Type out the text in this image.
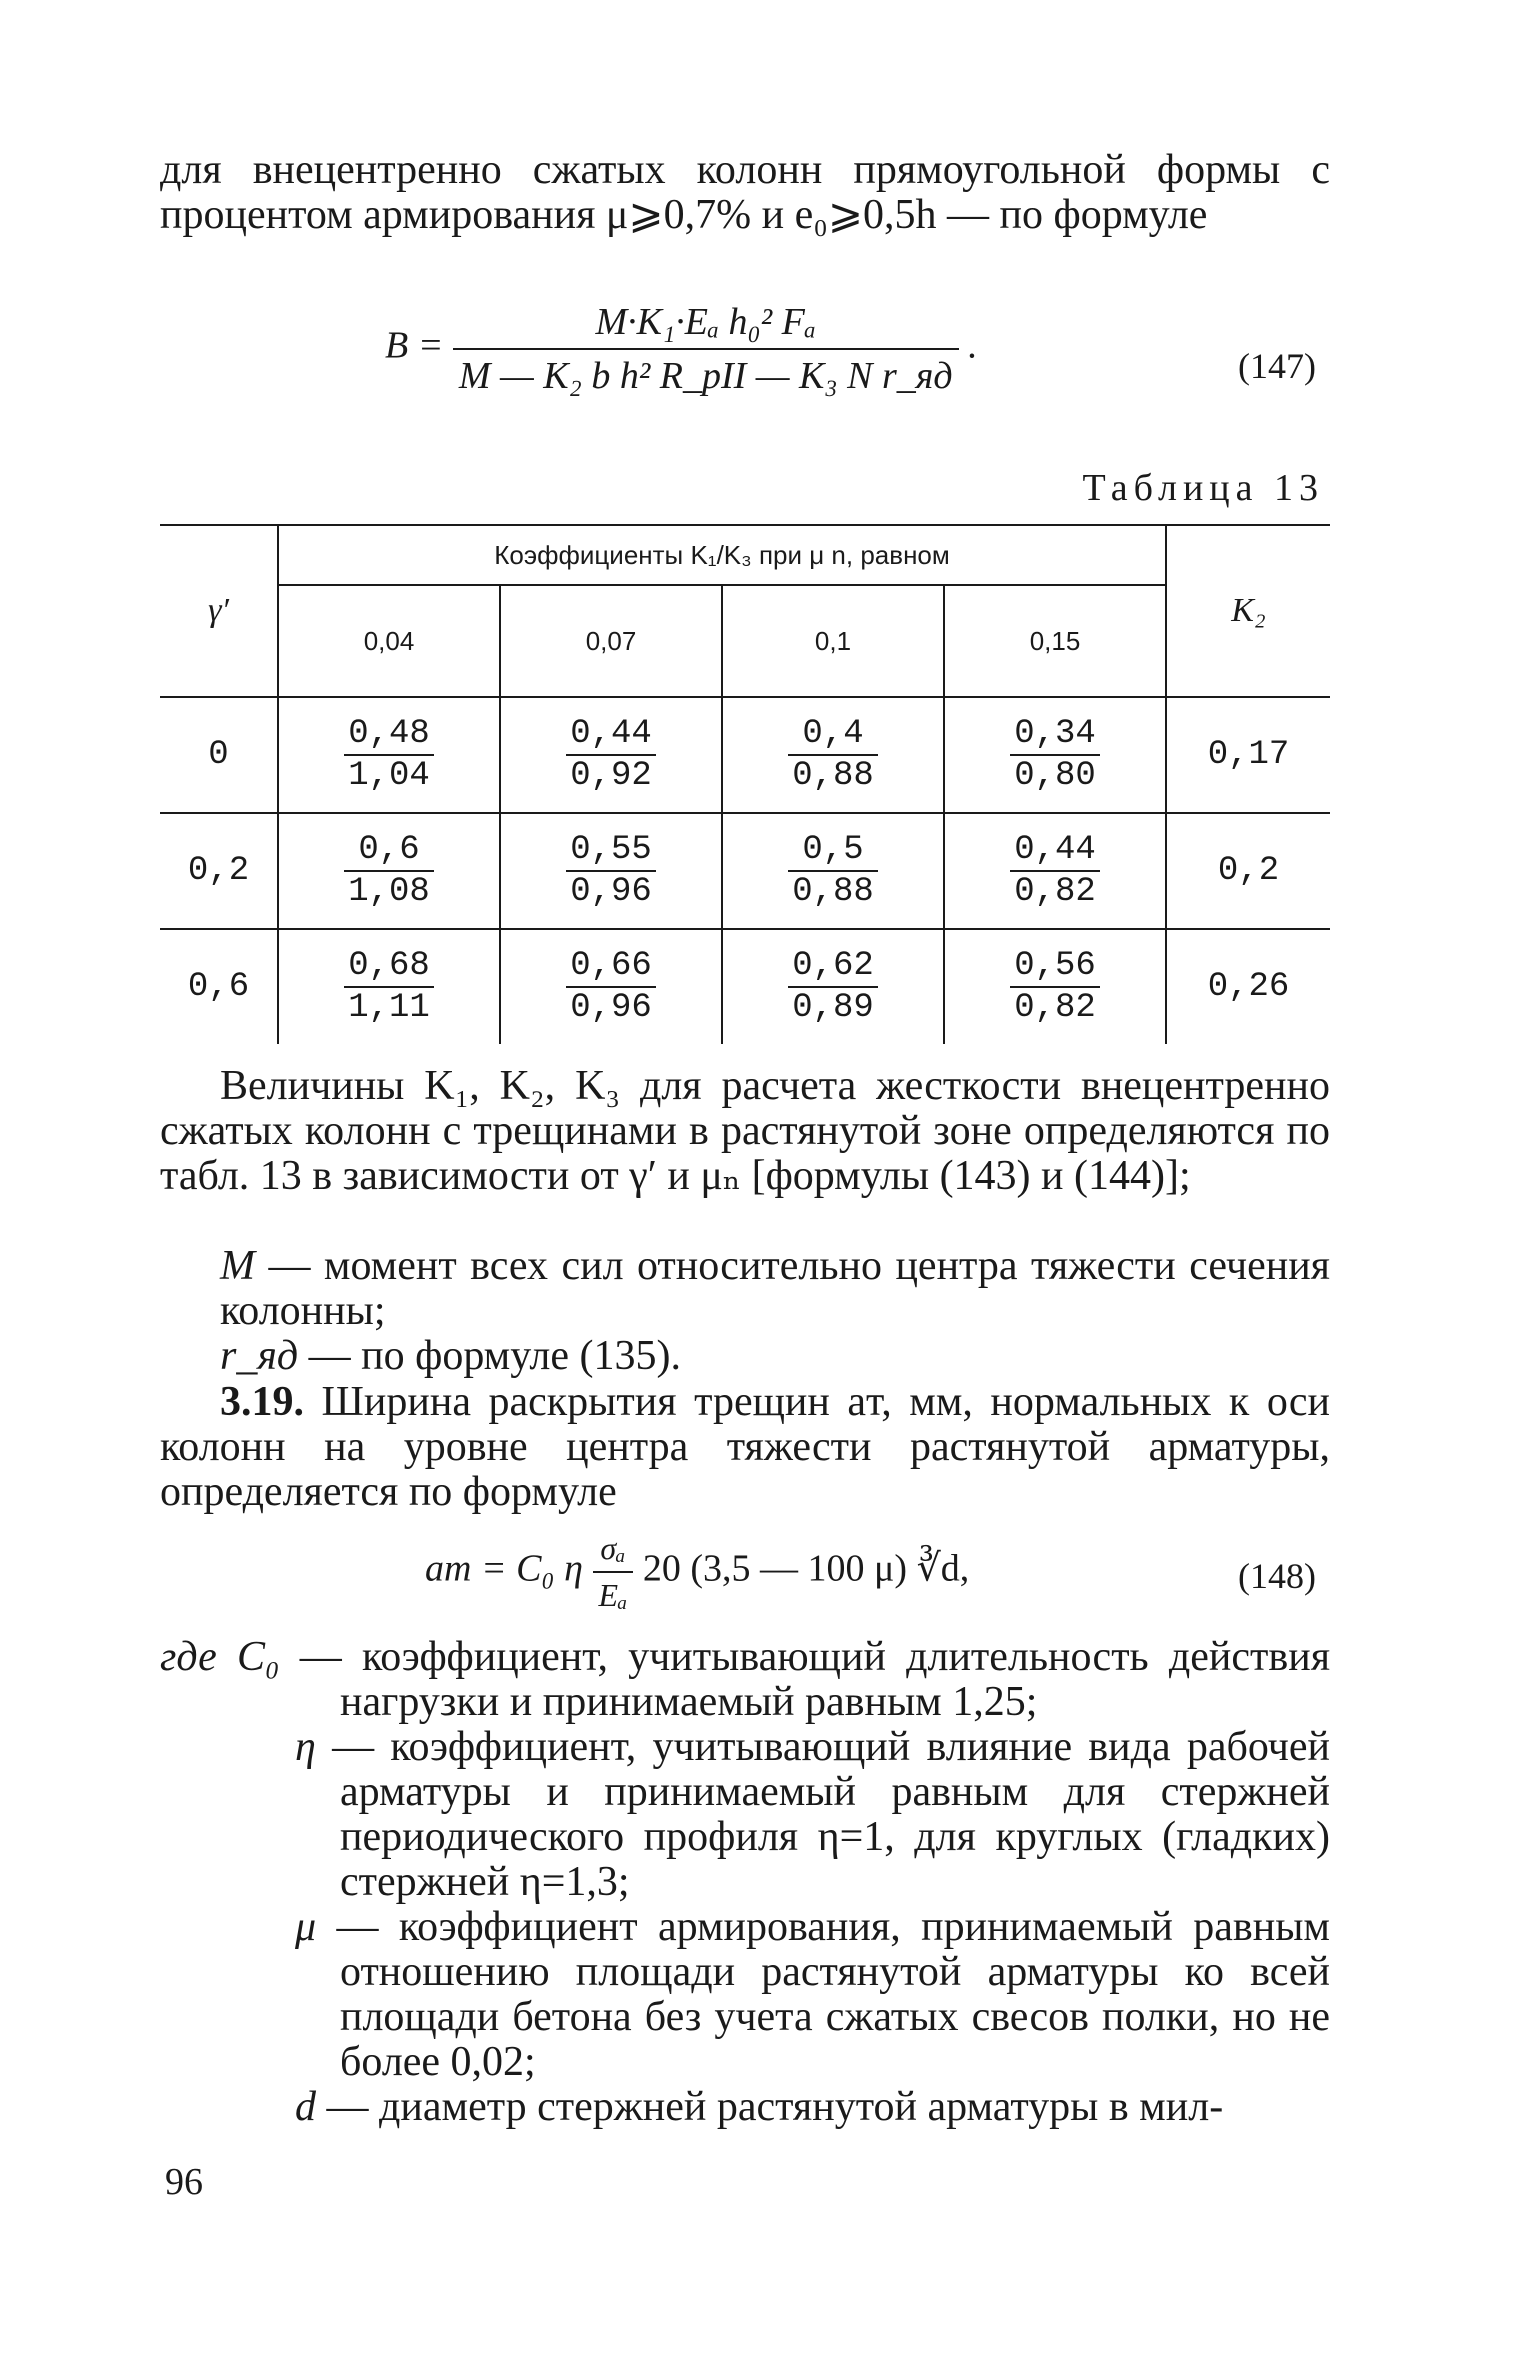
для внецентренно сжатых колонн прямоугольной формы с процентом армирования μ⩾0,7% и e₀⩾0,5h — по формуле
$B = \frac{\text{M·K₁·Eₐ h₀² Fₐ}}{\text{M — K₂ b h² R\_pII — K₃ N r\_яд}}$ .	(147)
Таблица 13
γ′	Коэффициенты K₁/K₃ при μ n, равном				K₂
	0,04	0,07	0,1	0,15	
0	$\frac{0,48}{1,04}$	$\frac{0,44}{0,92}$	$\frac{0,4}{0,88}$	$\frac{0,34}{0,80}$	0,17
0,2	$\frac{0,6}{1,08}$	$\frac{0,55}{0,96}$	$\frac{0,5}{0,88}$	$\frac{0,44}{0,82}$	0,2
0,6	$\frac{0,68}{1,11}$	$\frac{0,66}{0,96}$	$\frac{0,62}{0,89}$	$\frac{0,56}{0,82}$	0,26
Величины K₁, K₂, K₃ для расчета жесткости внецентренно сжатых колонн с трещинами в растянутой зоне определяются по табл. 13 в зависимости от γ′ и μₙ [формулы (143) и (144)];
M — момент всех сил относительно центра тяжести сечения колонны;
r_яд — по формуле (135).
3.19. Ширина раскрытия трещин aт, мм, нормальных к оси колонн на уровне центра тяжести растянутой арматуры, определяется по формуле
aт = C₀ η $\frac{\text{σₐ}}{\text{Eₐ}} 20$ (3,5 — 100 μ) ∛d,	(148)
где C₀ — коэффициент, учитывающий длительность действия нагрузки и принимаемый равным 1,25;
η — коэффициент, учитывающий влияние вида рабочей арматуры и принимаемый равным для стержней периодического профиля η=1, для круглых (гладких) стержней η=1,3;
μ — коэффициент армирования, принимаемый равным отношению площади растянутой арматуры ко всей площади бетона без учета сжатых свесов полки, но не более 0,02;
d — диаметр стержней растянутой арматуры в мил-
96
